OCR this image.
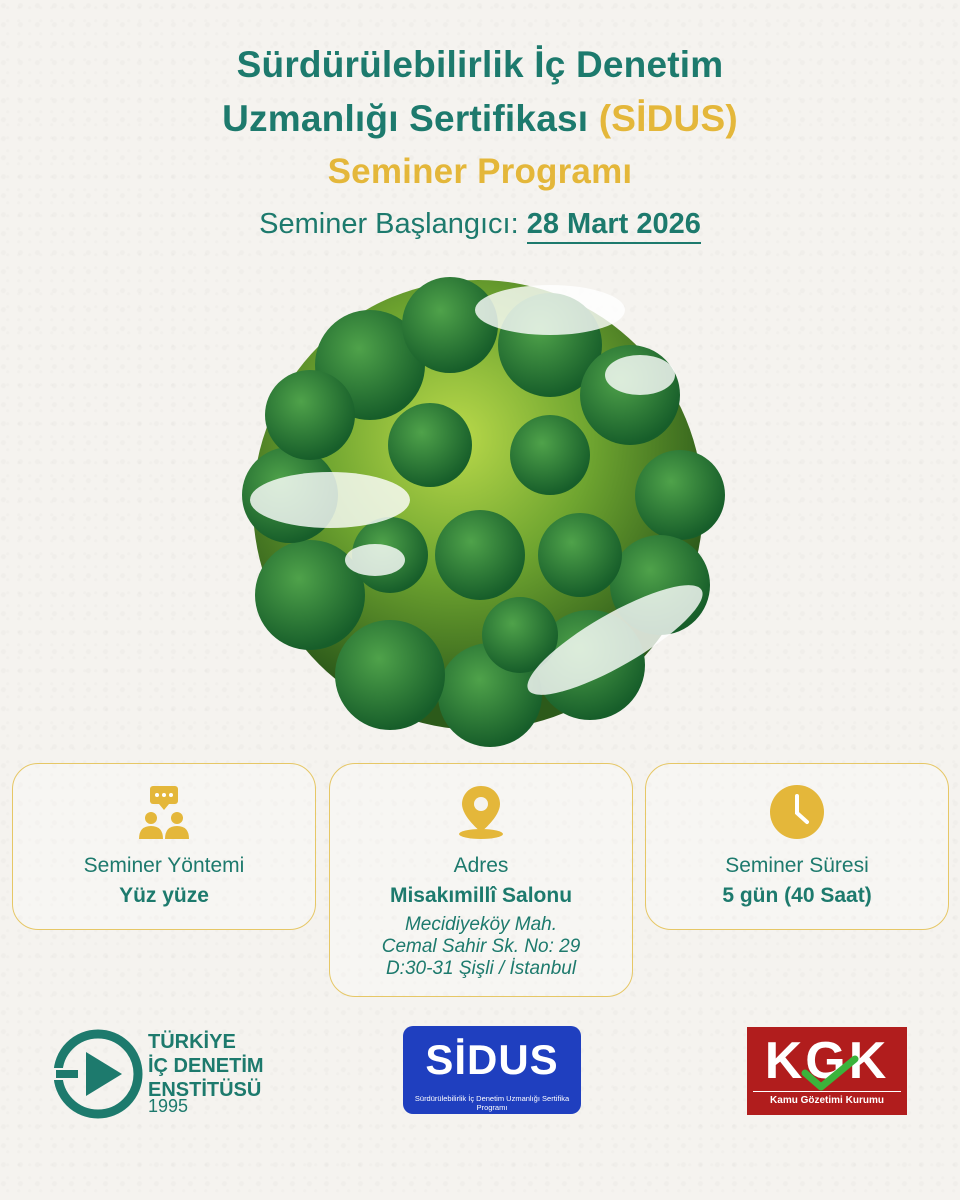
Sürdürülebilirlik İç Denetim
Uzmanlığı Sertifikası (SİDUS)
Seminer Programı
Seminer Başlangıcı: 28 Mart 2026
Seminer Yöntemi
Yüz yüze
Adres
Misakımillî Salonu
Mecidiyeköy Mah.
Cemal Sahir Sk. No: 29
D:30-31 Şişli / İstanbul
Seminer Süresi
5 gün (40 Saat)
TÜRKİYE
İÇ DENETİM
ENSTİTÜSÜ
1995
SİDUS
Sürdürülebilirlik İç Denetim Uzmanlığı Sertifika Programı
KGK
Kamu Gözetimi Kurumu
